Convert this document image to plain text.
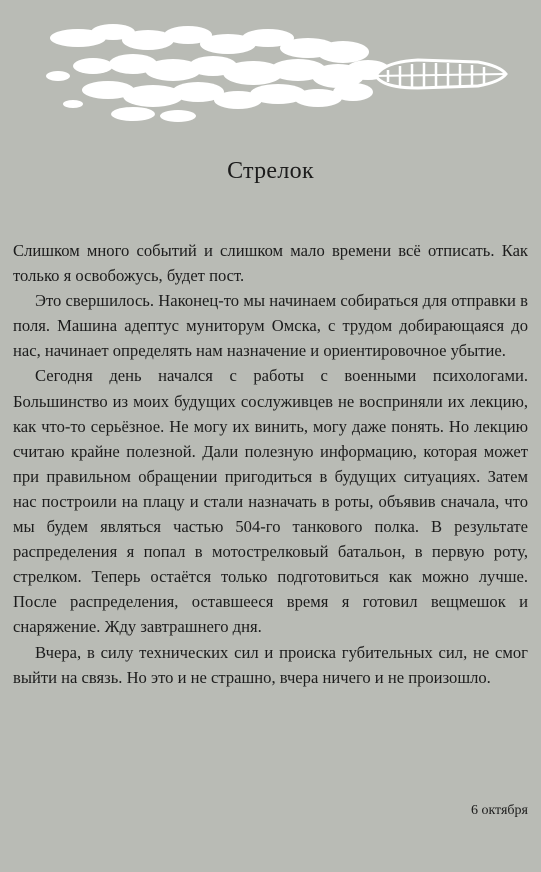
Стрелок

Слишком много событий и слишком мало времени всё отписать. Как только я освобожусь, будет пост.

Это свершилось. Наконец-то мы начинаем собираться для отправки в поля. Машина адептус муниторум Омска, с трудом добирающаяся до нас, начинает определять нам назначение и ориентировочное убытие.

Сегодня день начался с работы с военными психологами. Большинство из моих будущих сослуживцев не восприняли их лекцию, как что-то серьёзное. Не могу их винить, могу даже понять. Но лекцию считаю крайне полезной. Дали полезную информацию, которая может при правильном обращении пригодиться в будущих ситуациях. Затем нас построили на плацу и стали назначать в роты, объявив сначала, что мы будем являться частью 504-го танкового полка. В результате распределения я попал в мотострелковый батальон, в первую роту, стрелком. Теперь остаётся только подготовиться как можно лучше. После распределения, оставшееся время я готовил вещмешок и снаряжение. Жду завтрашнего дня.

Вчера, в силу технических сил и происка губительных сил, не смог выйти на связь. Но это и не страшно, вчера ничего и не произошло.

6 октября
